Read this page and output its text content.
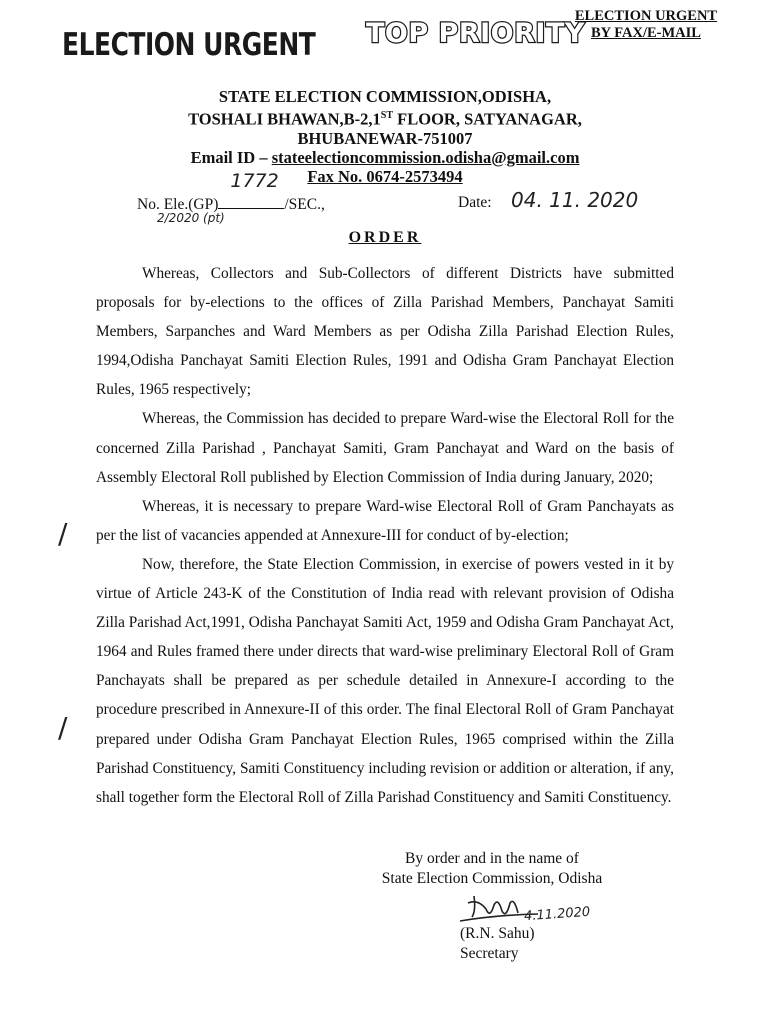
ELECTION URGENT TOP PRIORITY
ELECTION URGENT
BY FAX/E-MAIL
STATE ELECTION COMMISSION,ODISHA,
TOSHALI BHAWAN,B-2,1ST FLOOR, SATYANAGAR,
BHUBANEWAR-751007
Email ID – stateelectioncommission.odisha@gmail.com
Fax No. 0674-2573494
No. Ele.(GP)
1772
/SEC.,
2/2020 (pt)
Date: 04. 11. 2020
ORDER
/
/

Whereas, Collectors and Sub-Collectors of different Districts have submitted proposals for by-elections to the offices of Zilla Parishad Members, Panchayat Samiti Members, Sarpanches and Ward Members as per Odisha Zilla Parishad Election Rules, 1994,Odisha Panchayat Samiti Election Rules, 1991 and Odisha Gram Panchayat Election Rules, 1965 respectively;

Whereas, the Commission has decided to prepare Ward-wise the Electoral Roll for the concerned Zilla Parishad , Panchayat Samiti, Gram Panchayat and Ward on the basis of Assembly Electoral Roll published by Election Commission of India during January, 2020;

Whereas, it is necessary to prepare Ward-wise Electoral Roll of Gram Panchayats as per the list of vacancies appended at Annexure-III for conduct of by-election;

Now, therefore, the State Election Commission, in exercise of powers vested in it by virtue of Article 243-K of the Constitution of India read with relevant provision of Odisha Zilla Parishad Act,1991, Odisha Panchayat Samiti Act, 1959 and Odisha Gram Panchayat Act, 1964 and Rules framed there under directs that ward-wise preliminary Electoral Roll of Gram Panchayats shall be prepared as per schedule detailed in Annexure-I according to the procedure prescribed in Annexure-II of this order. The final Electoral Roll of Gram Panchayat prepared under Odisha Gram Panchayat Election Rules, 1965 comprised within the Zilla Parishad Constituency, Samiti Constituency including revision or addition or alteration, if any, shall together form the Electoral Roll of Zilla Parishad Constituency and Samiti Constituency.

By order and in the name of
State Election Commission, Odisha
4.11.2020
(R.N. Sahu)
Secretary
